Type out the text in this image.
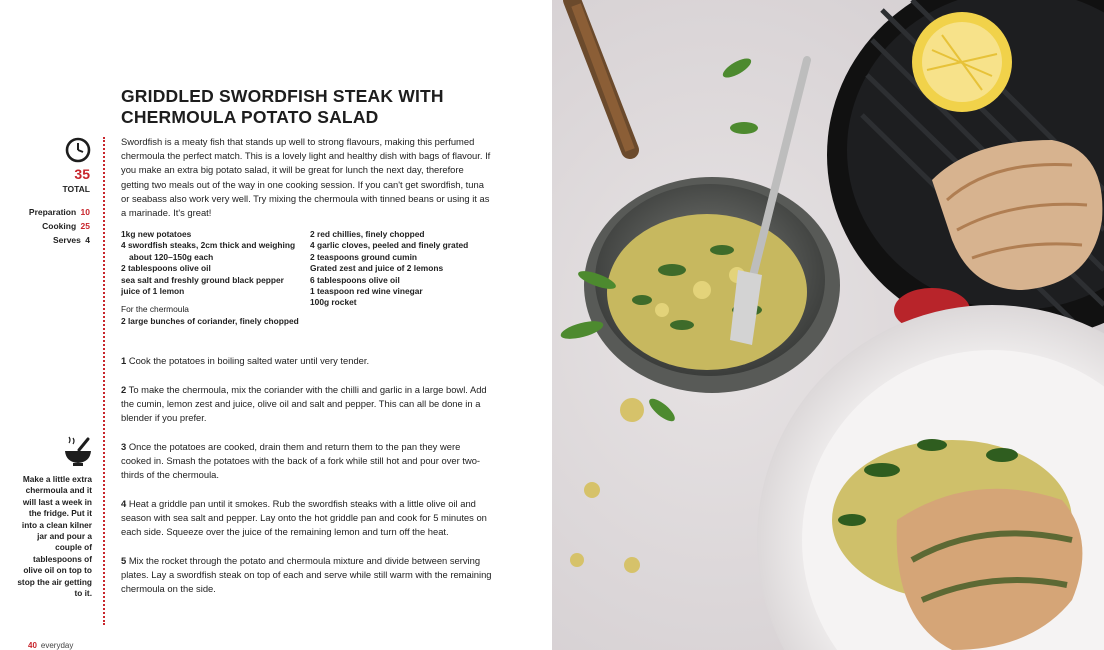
GRIDDLED SWORDFISH STEAK WITH CHERMOULA POTATO SALAD
35
TOTAL
Preparation 10
Cooking 25
Serves 4
Make a little extra chermoula and it will last a week in the fridge. Put it into a clean kilner jar and pour a couple of tablespoons of olive oil on top to stop the air getting to it.

Swordfish is a meaty fish that stands up well to strong flavours, making this perfumed chermoula the perfect match. This is a lovely light and healthy dish with bags of flavour. If you make an extra big potato salad, it will be great for lunch the next day, therefore getting two meals out of the way in one cooking session. If you can't get swordfish, tuna or seabass also work very well. Try mixing the chermoula with tinned beans or using it as a marinade. It's great!

1kg new potatoes
4 swordfish steaks, 2cm thick and weighing about 120–150g each
2 tablespoons olive oil
sea salt and freshly ground black pepper
juice of 1 lemon
For the chermoula
2 large bunches of coriander, finely chopped
2 red chillies, finely chopped
4 garlic cloves, peeled and finely grated
2 teaspoons ground cumin
Grated zest and juice of 2 lemons
6 tablespoons olive oil
1 teaspoon red wine vinegar
100g rocket

1 Cook the potatoes in boiling salted water until very tender.

2 To make the chermoula, mix the coriander with the chilli and garlic in a large bowl. Add the cumin, lemon zest and juice, olive oil and salt and pepper. This can all be done in a blender if you prefer.

3 Once the potatoes are cooked, drain them and return them to the pan they were cooked in. Smash the potatoes with the back of a fork while still hot and pour over two-thirds of the chermoula.

4 Heat a griddle pan until it smokes. Rub the swordfish steaks with a little olive oil and season with sea salt and pepper. Lay onto the hot griddle pan and cook for 5 minutes on each side. Squeeze over the juice of the remaining lemon and turn off the heat.

5 Mix the rocket through the potato and chermoula mixture and divide between serving plates. Lay a swordfish steak on top of each and serve while still warm with the remaining chermoula on the side.

40 everyday
